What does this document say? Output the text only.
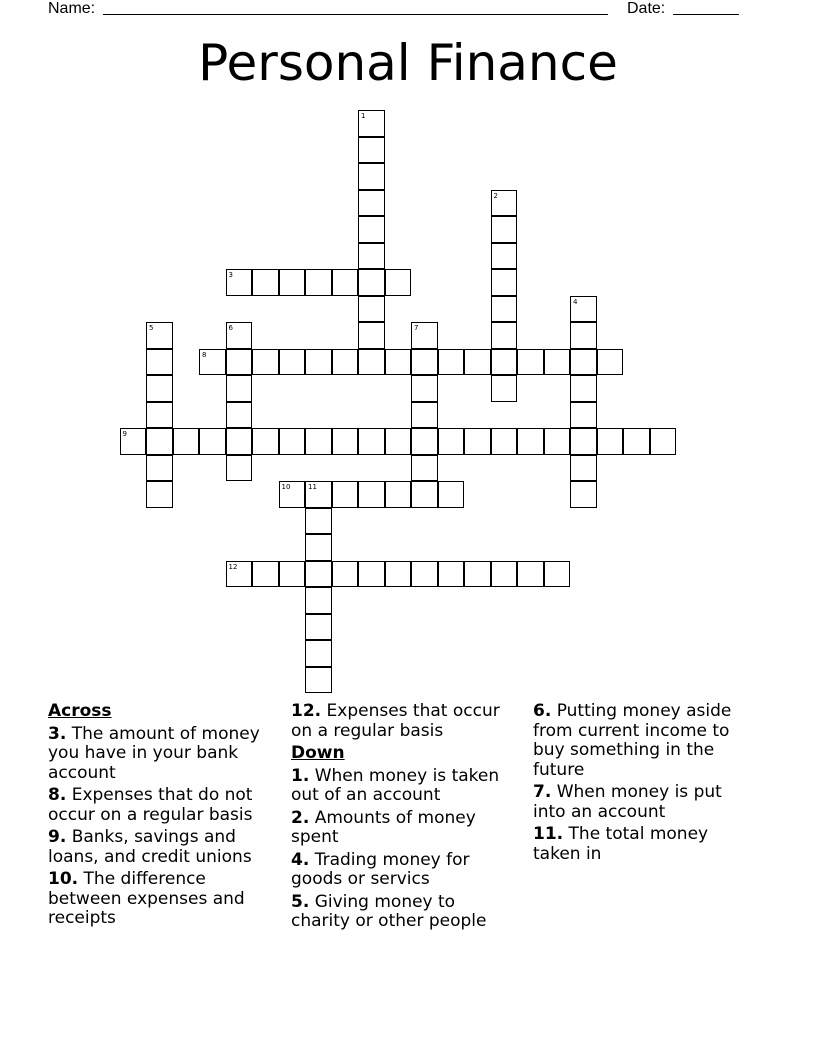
Name:	Date:
Personal Finance
3
8
9
10	11
12
1
2
4
5	6	7
Across
3. The amount of money you have in your bank account
8. Expenses that do not occur on a regular basis
9. Banks, savings and loans, and credit unions
10. The difference between expenses and receipts
12. Expenses that occur on a regular basis
Down
1. When money is taken out of an account
2. Amounts of money spent
4. Trading money for goods or servics
5. Giving money to charity or other people
6. Putting money aside from current income to buy something in the future
7. When money is put into an account
11. The total money taken in
